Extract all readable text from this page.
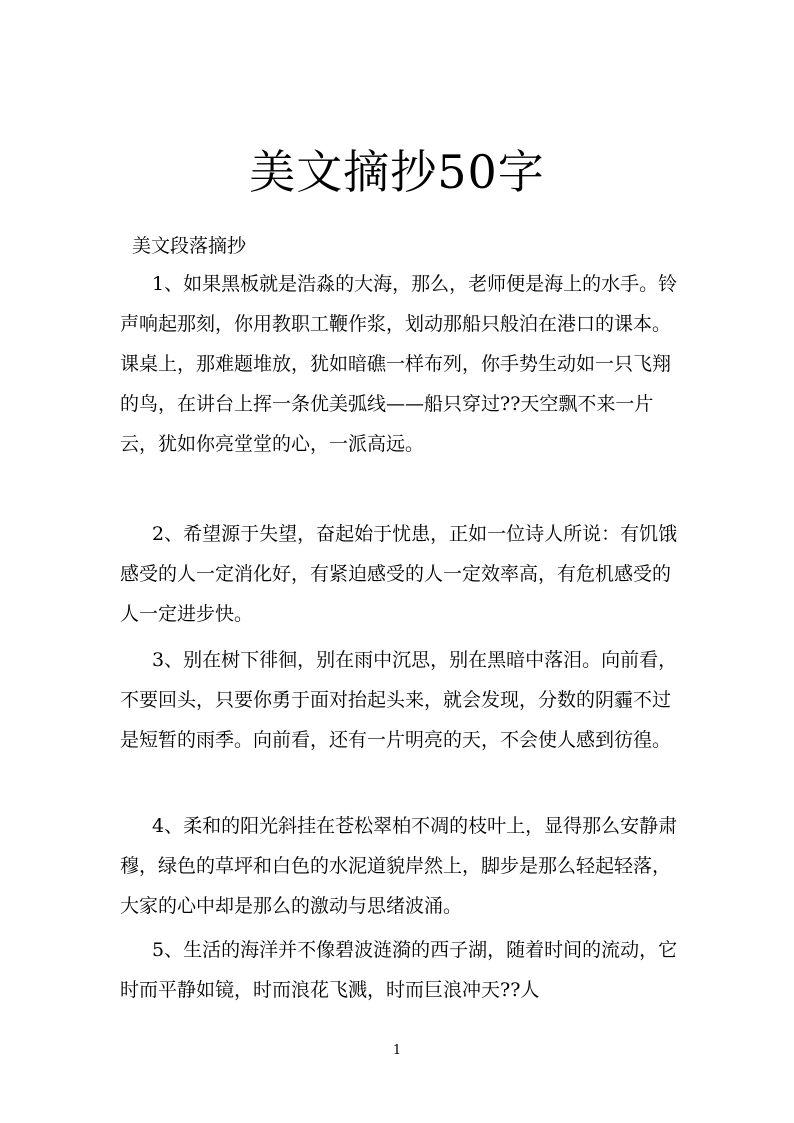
美文摘抄50字
美文段落摘抄

1、如果黑板就是浩淼的大海，那么，老师便是海上的水手。铃声响起那刻，你用教职工鞭作浆，划动那船只般泊在港口的课本。课桌上，那难题堆放，犹如暗礁一样布列，你手势生动如一只飞翔的鸟，在讲台上挥一条优美弧线——船只穿过??天空飘不来一片云，犹如你亮堂堂的心，一派高远。

2、希望源于失望，奋起始于忧患，正如一位诗人所说：有饥饿感受的人一定消化好，有紧迫感受的人一定效率高，有危机感受的人一定进步快。

3、别在树下徘徊，别在雨中沉思，别在黑暗中落泪。向前看，不要回头，只要你勇于面对抬起头来，就会发现，分数的阴霾不过是短暂的雨季。向前看，还有一片明亮的天，不会使人感到彷徨。

4、柔和的阳光斜挂在苍松翠柏不凋的枝叶上，显得那么安静肃穆，绿色的草坪和白色的水泥道貌岸然上，脚步是那么轻起轻落，大家的心中却是那么的激动与思绪波涌。

5、生活的海洋并不像碧波涟漪的西子湖，随着时间的流动，它时而平静如镜，时而浪花飞溅，时而巨浪冲天??人

1
